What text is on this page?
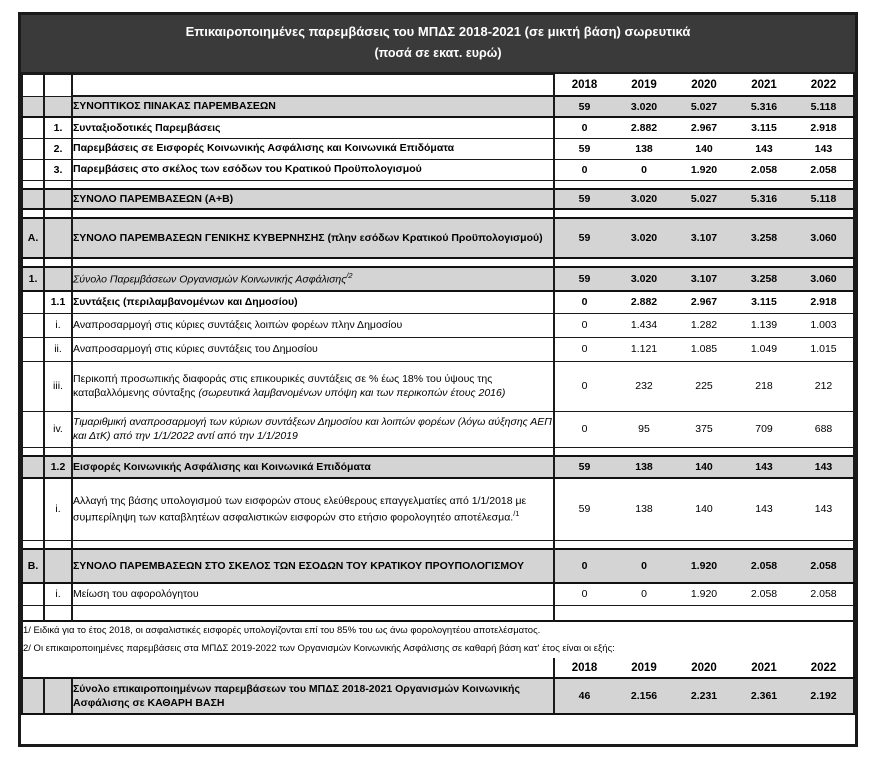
Επικαιροποιημένες παρεμβάσεις του ΜΠΔΣ 2018-2021 (σε μικτή βάση) σωρευτικά
(ποσά σε εκατ. ευρώ)
			2018	2019	2020	2021	2022
		ΣΥΝΟΠΤΙΚΟΣ ΠΙΝΑΚΑΣ ΠΑΡΕΜΒΑΣΕΩΝ	59	3.020	5.027	5.316	5.118
	1.	Συνταξιοδοτικές Παρεμβάσεις	0	2.882	2.967	3.115	2.918
	2.	Παρεμβάσεις σε Εισφορές Κοινωνικής Ασφάλισης και Κοινωνικά Επιδόματα	59	138	140	143	143
	3.	Παρεμβάσεις στο σκέλος των εσόδων του Κρατικού Προϋπολογισμού	0	0	1.920	2.058	2.058

		ΣΥΝΟΛΟ ΠΑΡΕΜΒΑΣΕΩΝ (Α+Β)	59	3.020	5.027	5.316	5.118

Α.		ΣΥΝΟΛΟ ΠΑΡΕΜΒΑΣΕΩΝ ΓΕΝΙΚΗΣ ΚΥΒΕΡΝΗΣΗΣ (πλην εσόδων Κρατικού Προϋπολογισμού)	59	3.020	3.107	3.258	3.060

1.		Σύνολο Παρεμβάσεων Οργανισμών Κοινωνικής Ασφάλισης$^{/2}$	59	3.020	3.107	3.258	3.060
	1.1	Συντάξεις (περιλαμβανομένων και Δημοσίου)	0	2.882	2.967	3.115	2.918
	i.	Αναπροσαρμογή στις κύριες συντάξεις λοιπών φορέων πλην Δημοσίου	0	1.434	1.282	1.139	1.003
	ii.	Αναπροσαρμογή στις κύριες συντάξεις του Δημοσίου	0	1.121	1.085	1.049	1.015
	iii.	Περικοπή προσωπικής διαφοράς στις επικουρικές συντάξεις σε % έως 18% του ύψους της καταβαλλόμενης σύνταξης (σωρευτικά λαμβανομένων υπόψη και των περικοπών έτους 2016)	0	232	225	218	212
	iv.	Τιμαριθμική αναπροσαρμογή των κύριων συντάξεων Δημοσίου και λοιπών φορέων (λόγω αύξησης ΑΕΠ και ΔτΚ) από την 1/1/2022 αντί από την 1/1/2019	0	95	375	709	688

	1.2	Εισφορές Κοινωνικής Ασφάλισης και Κοινωνικά Επιδόματα	59	138	140	143	143
	i.	Αλλαγή της βάσης υπολογισμού των εισφορών στους ελεύθερους επαγγελματίες από 1/1/2018 με συμπερίληψη των καταβλητέων ασφαλιστικών εισφορών στο ετήσιο φορολογητέο αποτέλεσμα.$^{/1}$	59	138	140	143	143

Β.		ΣΥΝΟΛΟ ΠΑΡΕΜΒΑΣΕΩΝ ΣΤΟ ΣΚΕΛΟΣ ΤΩΝ ΕΣΟΔΩΝ ΤΟΥ ΚΡΑΤΙΚΟΥ ΠΡΟΥΠΟΛΟΓΙΣΜΟΥ	0	0	1.920	2.058	2.058
	i.	Μείωση του αφορολόγητου	0	0	1.920	2.058	2.058

1/ Ειδικά για το έτος 2018, οι ασφαλιστικές εισφορές υπολογίζονται επί του 85% του ως άνω φορολογητέου αποτελέσματος.
2/ Οι επικαιροποιημένες παρεμβάσεις στα ΜΠΔΣ 2019-2022 των Οργανισμών Κοινωνικής Ασφάλισης σε καθαρή βάση κατ' έτος είναι οι εξής:							

			2018	2019	2020	2021	2022
		Σύνολο επικαιροποιημένων παρεμβάσεων του ΜΠΔΣ 2018-2021 Οργανισμών Κοινωνικής Ασφάλισης σε ΚΑΘΑΡΗ ΒΑΣΗ	46	2.156	2.231	2.361	2.192
